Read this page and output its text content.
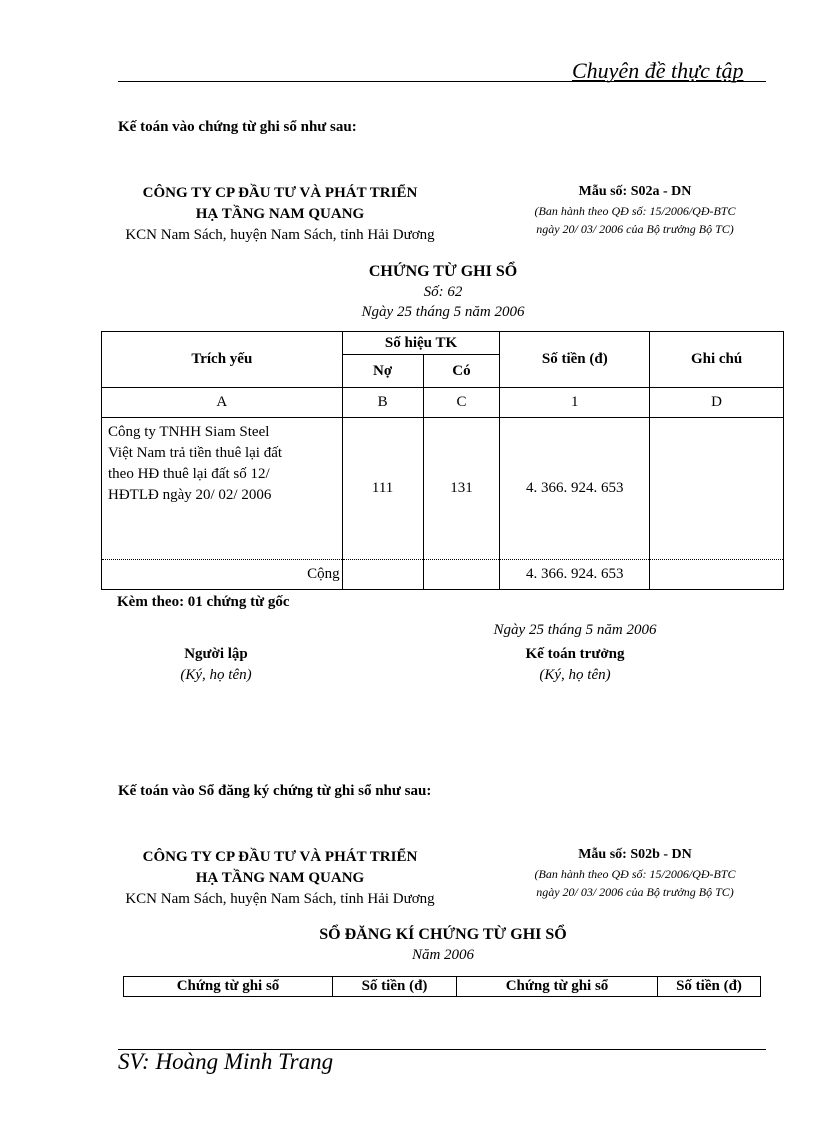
Chuyên đề thực tập
Kế toán vào chứng từ ghi sổ như sau:
CÔNG TY CP ĐẦU TƯ VÀ PHÁT TRIỂN
HẠ TẦNG NAM QUANG
KCN Nam Sách, huyện Nam Sách, tỉnh Hải Dương
Mẫu số: S02a - DN
(Ban hành theo QĐ số: 15/2006/QĐ-BTC
ngày 20/ 03/ 2006 của Bộ trưởng Bộ TC)
CHỨNG TỪ GHI SỔ
Số: 62
Ngày 25 tháng 5 năm 2006
Trích yếu	Số hiệu TK		Số tiền (đ)	Ghi chú
	Nợ	Có		
A	B	C	1	D

Công ty TNHH Siam Steel
Việt Nam trả tiền thuê lại đất
theo HĐ thuê lại đất số 12/
HĐTLĐ ngày 20/ 02/ 2006	111	131	4. 366. 924. 653	
Cộng			4. 366. 924. 653	
Kèm theo: 01 chứng từ gốc
Ngày 25 tháng 5 năm 2006
Người lập
(Ký, họ tên)
Kế toán trưởng
(Ký, họ tên)
Kế toán vào Sổ đăng ký chứng từ ghi sổ như sau:
CÔNG TY CP ĐẦU TƯ VÀ PHÁT TRIỂN
HẠ TẦNG NAM QUANG
KCN Nam Sách, huyện Nam Sách, tỉnh Hải Dương
Mẫu số: S02b - DN
(Ban hành theo QĐ số: 15/2006/QĐ-BTC
ngày 20/ 03/ 2006 của Bộ trưởng Bộ TC)
SỔ ĐĂNG KÍ CHỨNG TỪ GHI SỔ
Năm 2006
Chứng từ ghi sổ	Số tiền (đ)	Chứng từ ghi sổ	Số tiền (đ)
SV: Hoàng Minh Trang
